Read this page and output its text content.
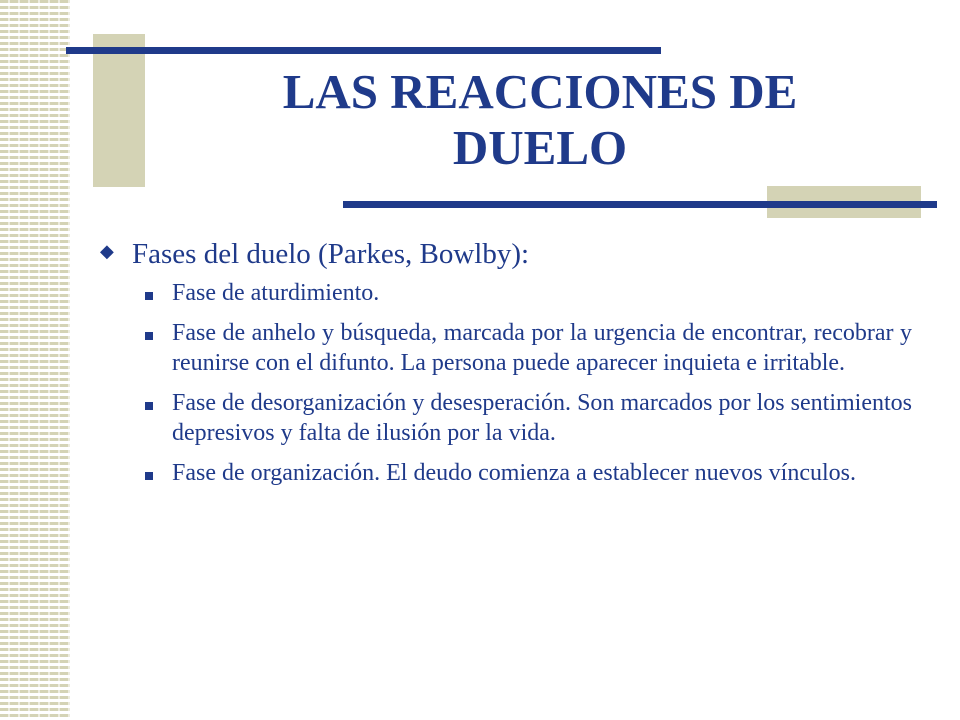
LAS REACCIONES DE
DUELO
◆ Fases del duelo (Parkes, Bowlby):
Fase de aturdimiento.
Fase de anhelo y búsqueda, marcada por la urgencia de encontrar, recobrar y reunirse con el difunto. La persona puede aparecer inquieta e irritable.
Fase de desorganización y desesperación. Son marcados por los sentimientos depresivos y falta de ilusión por la vida.
Fase de organización. El deudo comienza a establecer nuevos vínculos.
